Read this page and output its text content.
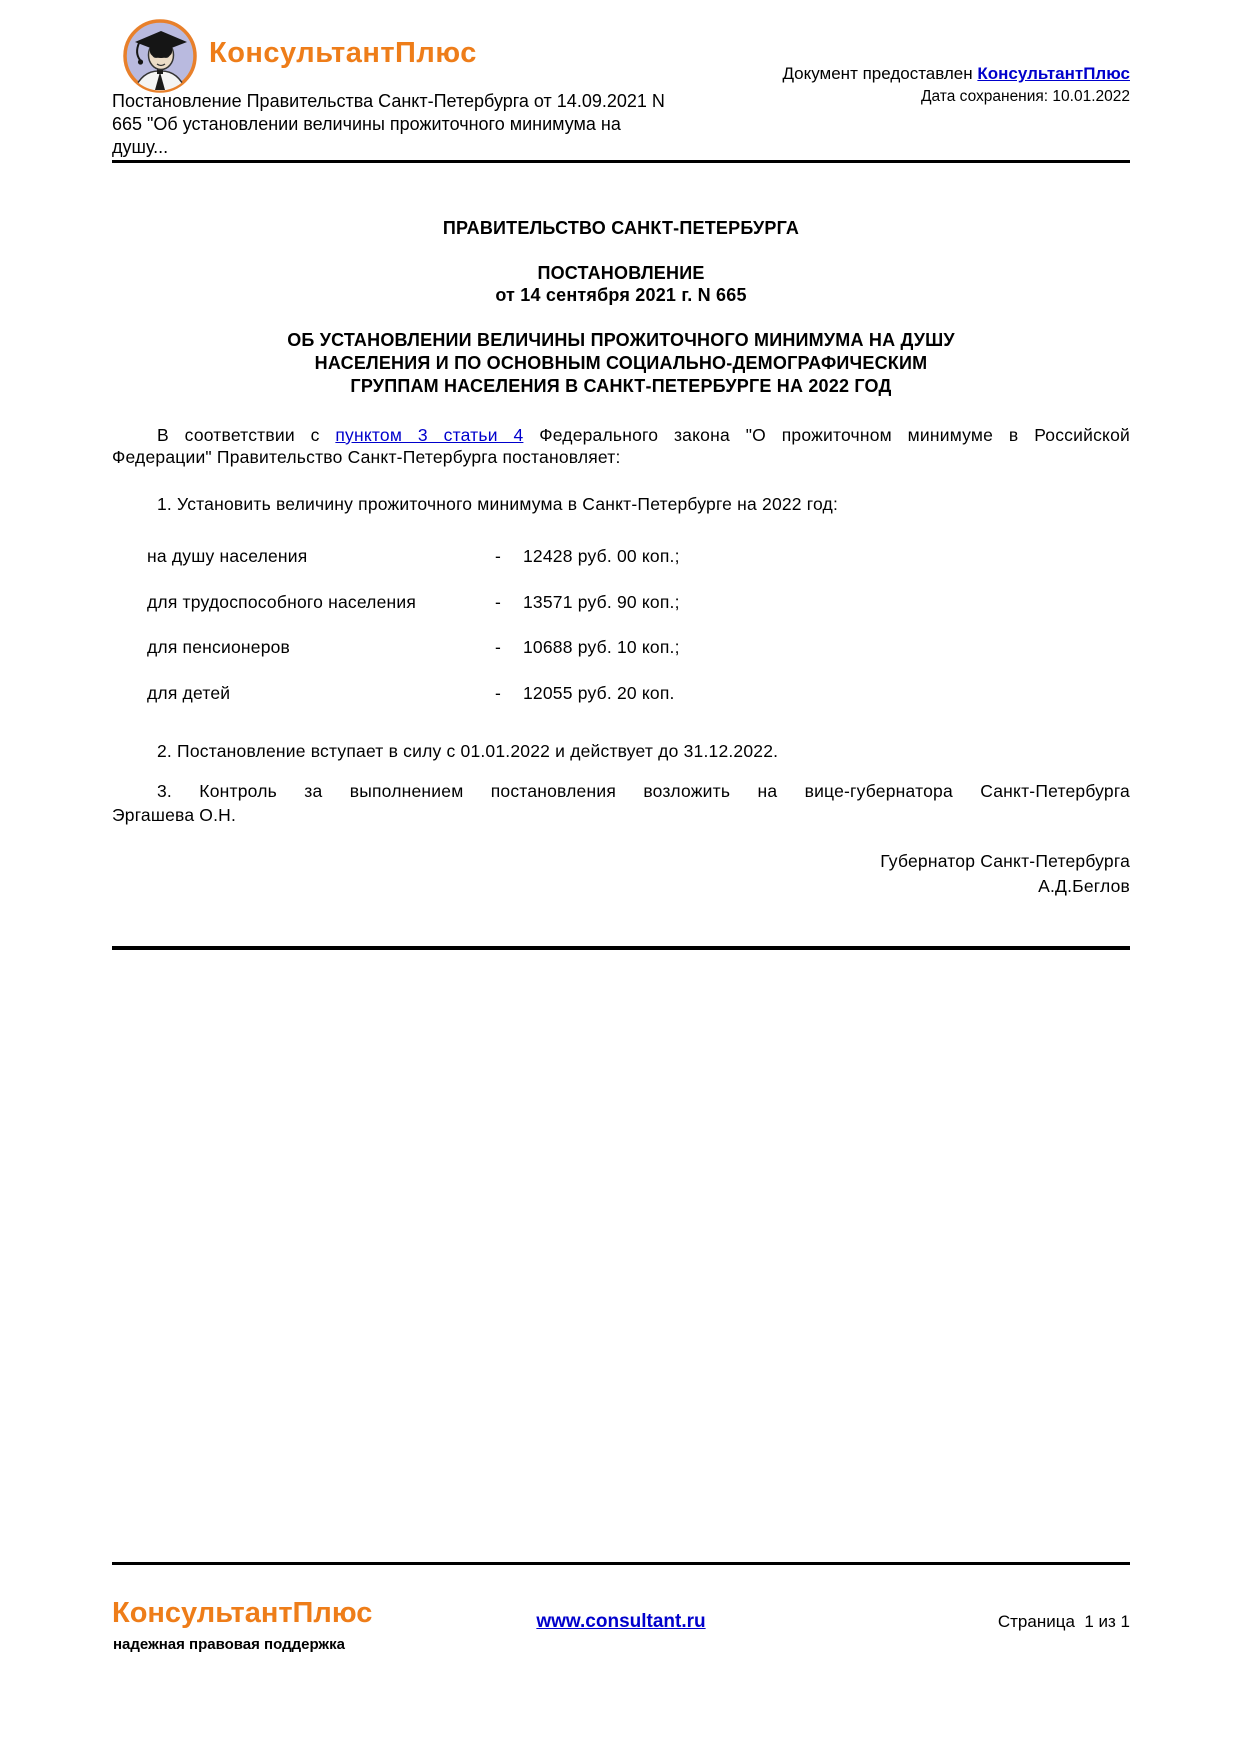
КонсультантПлюс
Документ предоставлен КонсультантПлюс
Дата сохранения: 10.01.2022
Постановление Правительства Санкт-Петербурга от 14.09.2021 N
665 "Об установлении величины прожиточного минимума на
душу...
ПРАВИТЕЛЬСТВО САНКТ-ПЕТЕРБУРГА
ПОСТАНОВЛЕНИЕ
от 14 сентября 2021 г. N 665
ОБ УСТАНОВЛЕНИИ ВЕЛИЧИНЫ ПРОЖИТОЧНОГО МИНИМУМА НА ДУШУ
НАСЕЛЕНИЯ И ПО ОСНОВНЫМ СОЦИАЛЬНО-ДЕМОГРАФИЧЕСКИМ
ГРУППАМ НАСЕЛЕНИЯ В САНКТ-ПЕТЕРБУРГЕ НА 2022 ГОД
В соответствии с пунктом 3 статьи 4 Федерального закона "О прожиточном минимуме в Российской
Федерации" Правительство Санкт-Петербурга постановляет:
1. Установить величину прожиточного минимума в Санкт-Петербурге на 2022 год:
на душу населения	- 12428 руб. 00 коп.;
для трудоспособного населения	- 13571 руб. 90 коп.;
для пенсионеров	- 10688 руб. 10 коп.;
для детей	- 12055 руб. 20 коп.
2. Постановление вступает в силу с 01.01.2022 и действует до 31.12.2022.
3. Контроль за выполнением постановления возложить на вице-губернатора Санкт-Петербурга
Эргашева О.Н.
Губернатор Санкт-Петербурга
А.Д.Беглов
КонсультантПлюс
надежная правовая поддержка
www.consultant.ru	Страница  1 из 1
